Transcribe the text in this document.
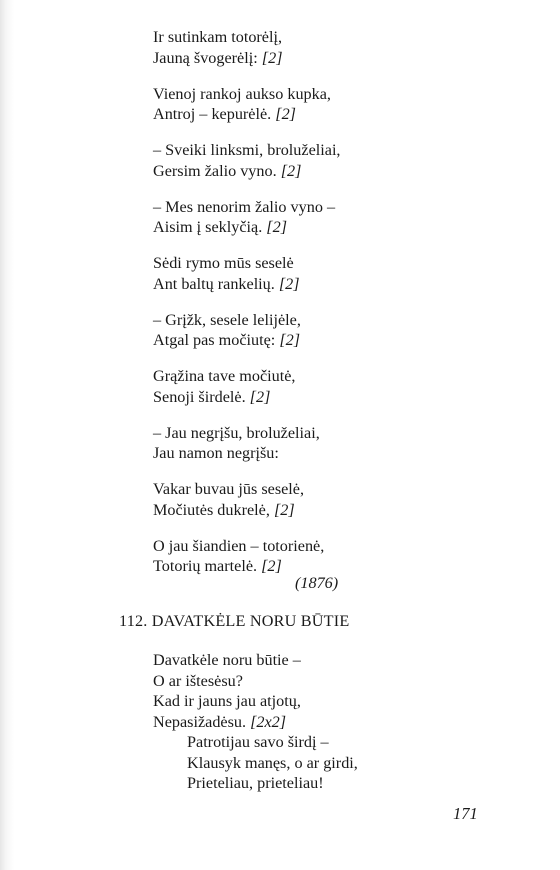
Ir sutinkam totorėlį,
Jauną švogerėlį: [2]
Vienoj rankoj aukso kupka,
Antroj – kepurėlė. [2]
– Sveiki linksmi, broluželiai,
Gersim žalio vyno. [2]
– Mes nenorim žalio vyno –
Aisim į seklyčią. [2]
Sėdi rymo mūs seselė
Ant baltų rankelių. [2]
– Grįžk, sesele lelijėle,
Atgal pas močiutę: [2]
Grąžina tave močiutė,
Senoji širdelė. [2]
– Jau negrįšu, broluželiai,
Jau namon negrįšu:
Vakar buvau jūs seselė,
Močiutės dukrelė, [2]
O jau šiandien – totorienė,
Totorių martelė. [2]
(1876)
112. DAVATKĖLE NORU BŪTIE
Davatkėle noru būtie –
O ar ištesėsu?
Kad ir jauns jau atjotų,
Nepasižadėsu. [2x2]
Patrotijau savo širdį –
Klausyk manęs, o ar girdi,
Prieteliau, prieteliau!
171
